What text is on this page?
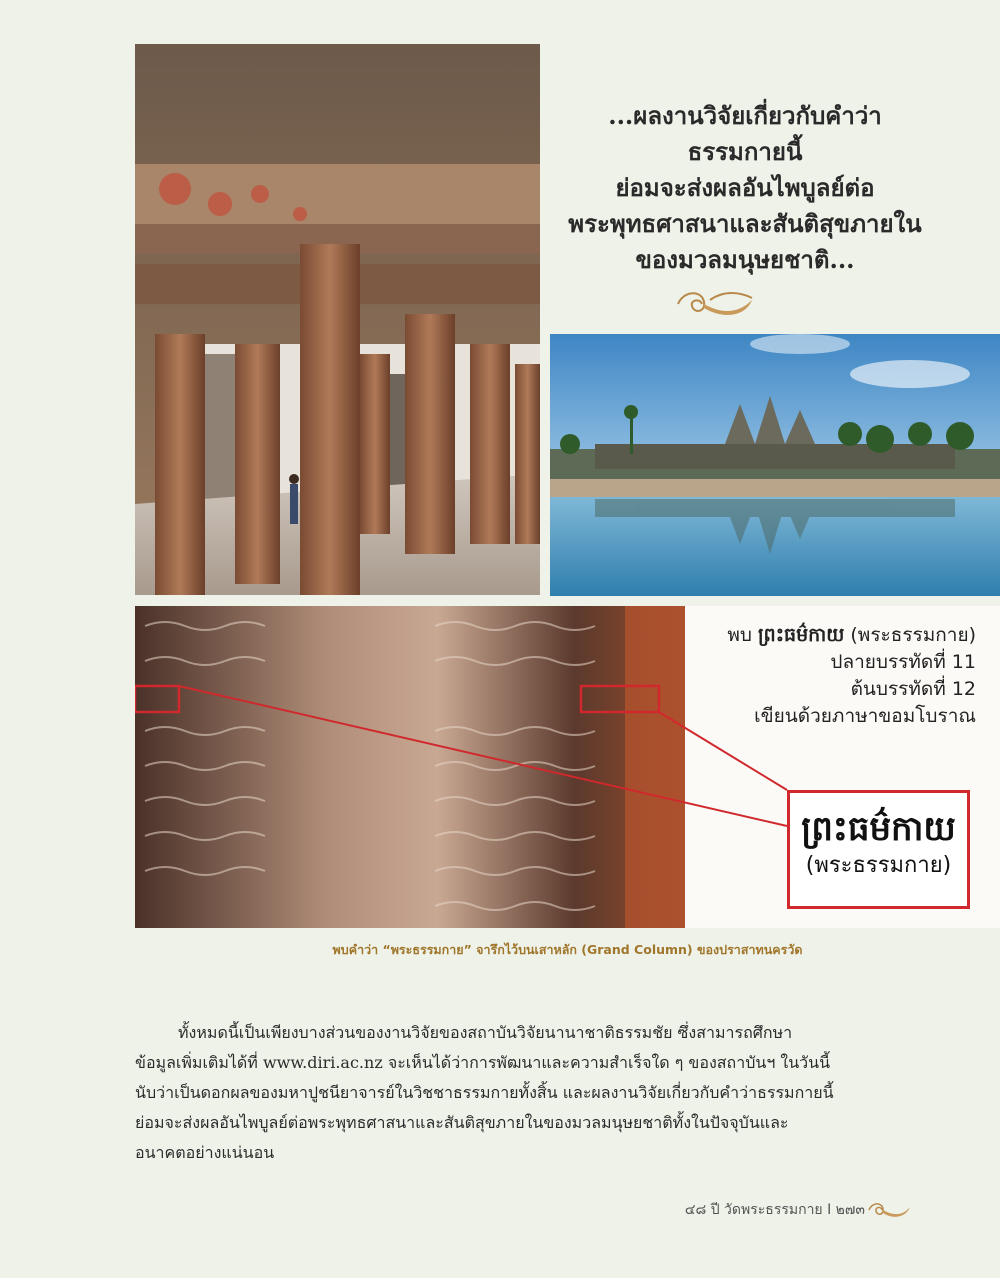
...ผลงานวิจัยเกี่ยวกับคำว่า
ธรรมกายนี้
ย่อมจะส่งผลอันไพบูลย์ต่อ
พระพุทธศาสนาและสันติสุขภายใน
ของมวลมนุษยชาติ...
พบ ព្រះធម៌កាយ (พระธรรมกาย)
ปลายบรรทัดที่ 11
ต้นบรรทัดที่ 12
เขียนด้วยภาษาขอมโบราณ
ព្រះធម៌កាយ
(พระธรรมกาย)
พบคำว่า “พระธรรมกาย” จารึกไว้บนเสาหลัก (Grand Column) ของปราสาทนครวัด
ทั้งหมดนี้เป็นเพียงบางส่วนของงานวิจัยของสถาบันวิจัยนานาชาติธรรมชัย ซึ่งสามารถศึกษา
ข้อมูลเพิ่มเติมได้ที่ www.diri.ac.nz จะเห็นได้ว่าการพัฒนาและความสำเร็จใด ๆ ของสถาบันฯ ในวันนี้
นับว่าเป็นดอกผลของมหาปูชนียาจารย์ในวิชชาธรรมกายทั้งสิ้น และผลงานวิจัยเกี่ยวกับคำว่าธรรมกายนี้
ย่อมจะส่งผลอันไพบูลย์ต่อพระพุทธศาสนาและสันติสุขภายในของมวลมนุษยชาติทั้งในปัจจุบันและ
อนาคตอย่างแน่นอน
๔๘ ปี วัดพระธรรมกาย I ๒๗๓
